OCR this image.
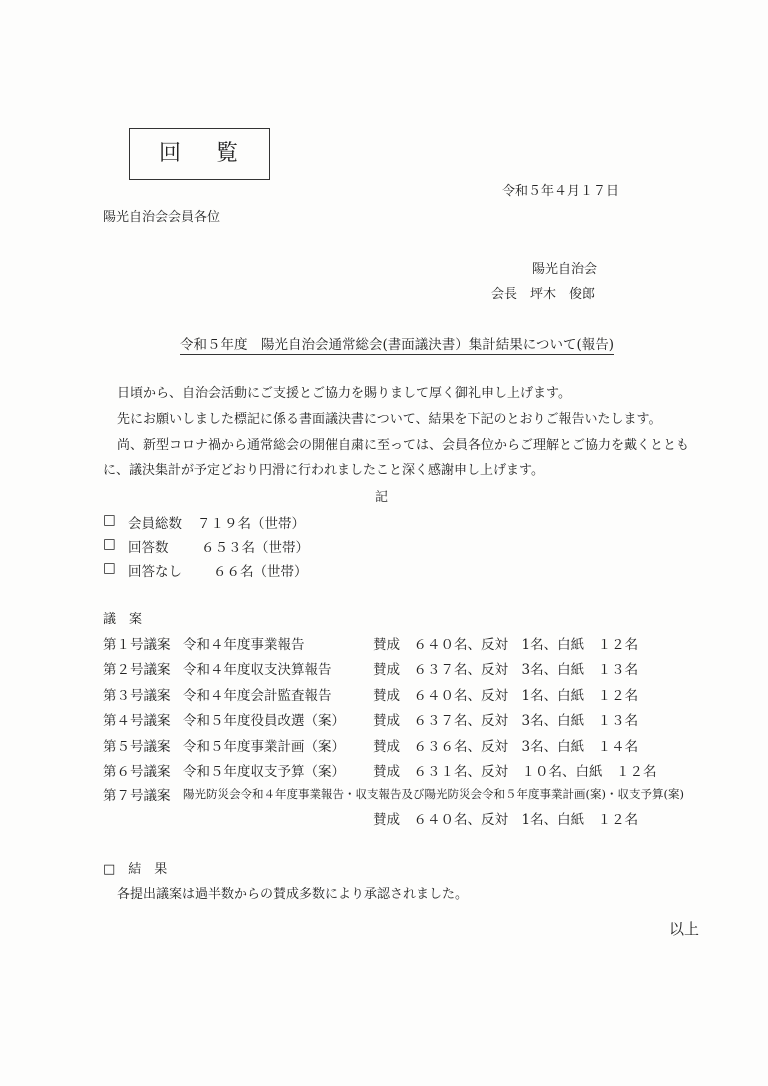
回 覧
令和５年４月１７日
陽光自治会会員各位
陽光自治会
会長　坪木　俊郎
令和５年度　陽光自治会通常総会(書面議決書）集計結果について(報告)
日頃から、自治会活動にご支援とご協力を賜りまして厚く御礼申し上げます。
先にお願いしました標記に係る書面議決書について、結果を下記のとおりご報告いたします。
尚、新型コロナ禍から通常総会の開催自粛に至っては、会員各位からご理解とご協力を戴くととも
に、議決集計が予定どおり円滑に行われましたこと深く感謝申し上げます。
記
□ 会員総数 ７１９名（世帯）
□ 回答数 ６５３名（世帯）
□ 回答なし ６６名（世帯）
議　案
第１号議案 令和４年度事業報告	賛成　６４０名、反対　1名、白紙　１２名
第２号議案 令和４年度収支決算報告	賛成　６３７名、反対　3名、白紙　１３名
第３号議案 令和４年度会計監査報告	賛成　６４０名、反対　1名、白紙　１２名
第４号議案 令和５年度役員改選（案） 賛成　６３７名、反対　3名、白紙　１３名
第５号議案 令和５年度事業計画（案） 賛成　６３６名、反対　3名、白紙　１４名
第６号議案 令和５年度収支予算（案） 賛成　６３１名、反対　１０名、白紙　１２名
第７号議案 陽光防災会令和４年度事業報告・収支報告及び陽光防災会令和５年度事業計画(案)・収支予算(案)
賛成　６４０名、反対　1名、白紙　１２名
□　結　果
各提出議案は過半数からの賛成多数により承認されました。
以上
